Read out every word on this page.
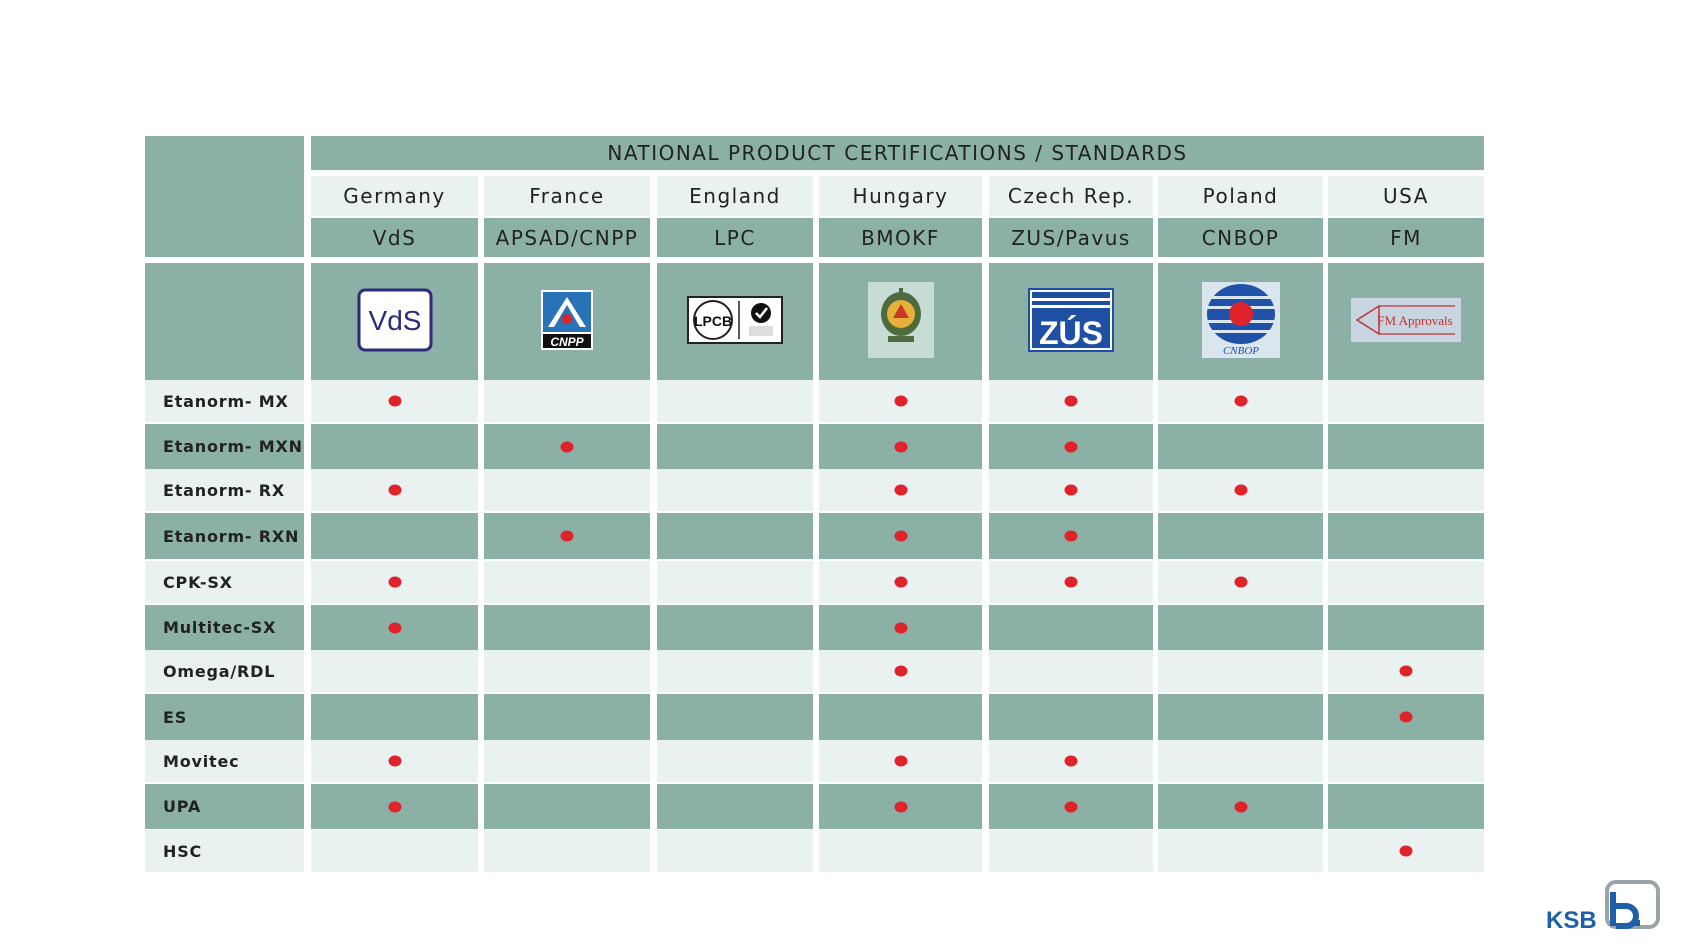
NATIONAL PRODUCT CERTIFICATIONS / STANDARDS
Germany
VdS
VdS
France
APSAD/CNPP
CNPP
England
LPC
LPCB
Hungary
BMOKF
Czech Rep.
ZUS/Pavus
ZÚS
Poland
CNBOP
CNBOP
USA
FM
FM Approvals
Etanorm- MX
Etanorm- MXN
Etanorm- RX
Etanorm- RXN
CPK-SX
Multitec-SX
Omega/RDL
ES
Movitec
UPA
HSC
KSB
